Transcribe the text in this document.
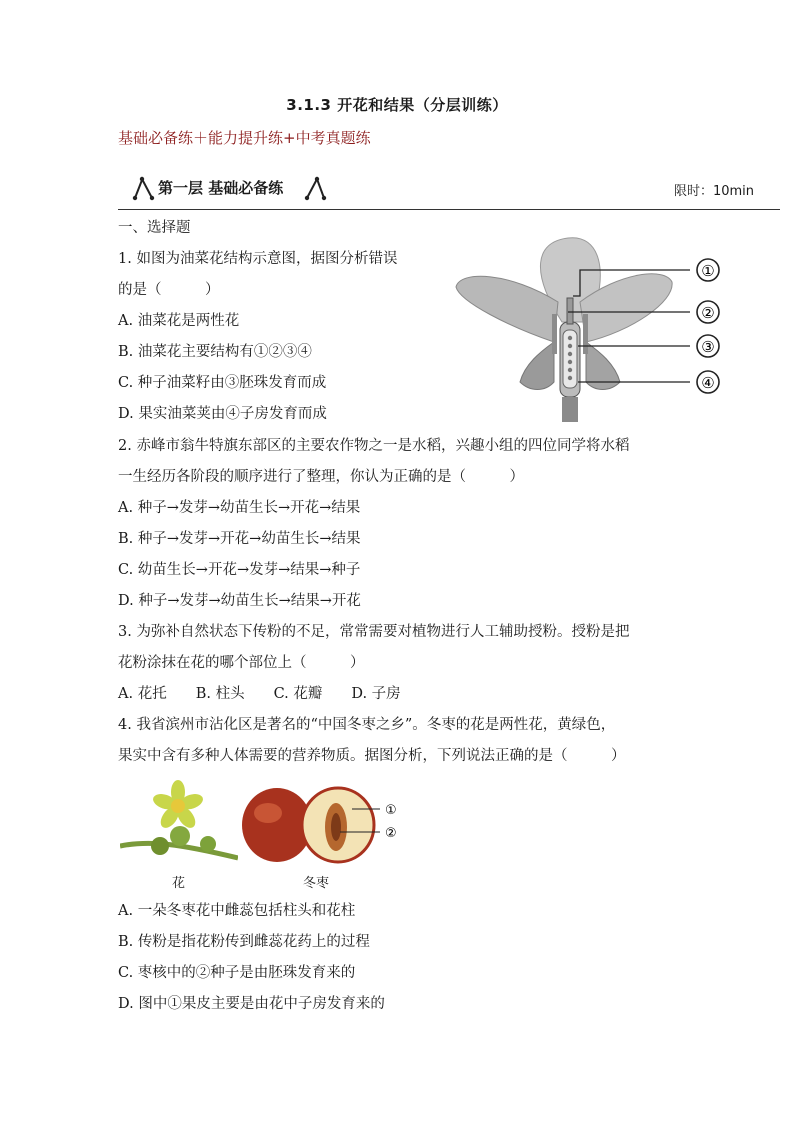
3.1.3 开花和结果（分层训练）
基础必备练＋能力提升练+中考真题练
第一层 基础必备练	限时：10min
一、选择题
1. 如图为油菜花结构示意图，据图分析错误
的是（　　　）
A. 油菜花是两性花
B. 油菜花主要结构有①②③④
C. 种子油菜籽由③胚珠发育而成
D. 果实油菜荚由④子房发育而成
①
②
③
④
2. 赤峰市翁牛特旗东部区的主要农作物之一是水稻，兴趣小组的四位同学将水稻
一生经历各阶段的顺序进行了整理，你认为正确的是（　　　）
A. 种子→发芽→幼苗生长→开花→结果
B. 种子→发芽→开花→幼苗生长→结果
C. 幼苗生长→开花→发芽→结果→种子
D. 种子→发芽→幼苗生长→结果→开花
3. 为弥补自然状态下传粉的不足，常常需要对植物进行人工辅助授粉。授粉是把
花粉涂抹在花的哪个部位上（　　　）
A. 花托　　B. 柱头　　C. 花瓣　　D. 子房
4. 我省滨州市沾化区是著名的“中国冬枣之乡”。冬枣的花是两性花，黄绿色，
果实中含有多种人体需要的营养物质。据图分析，下列说法正确的是（　　　）
花
①
②
冬枣
A. 一朵冬枣花中雌蕊包括柱头和花柱
B. 传粉是指花粉传到雌蕊花药上的过程
C. 枣核中的②种子是由胚珠发育来的
D. 图中①果皮主要是由花中子房发育来的
